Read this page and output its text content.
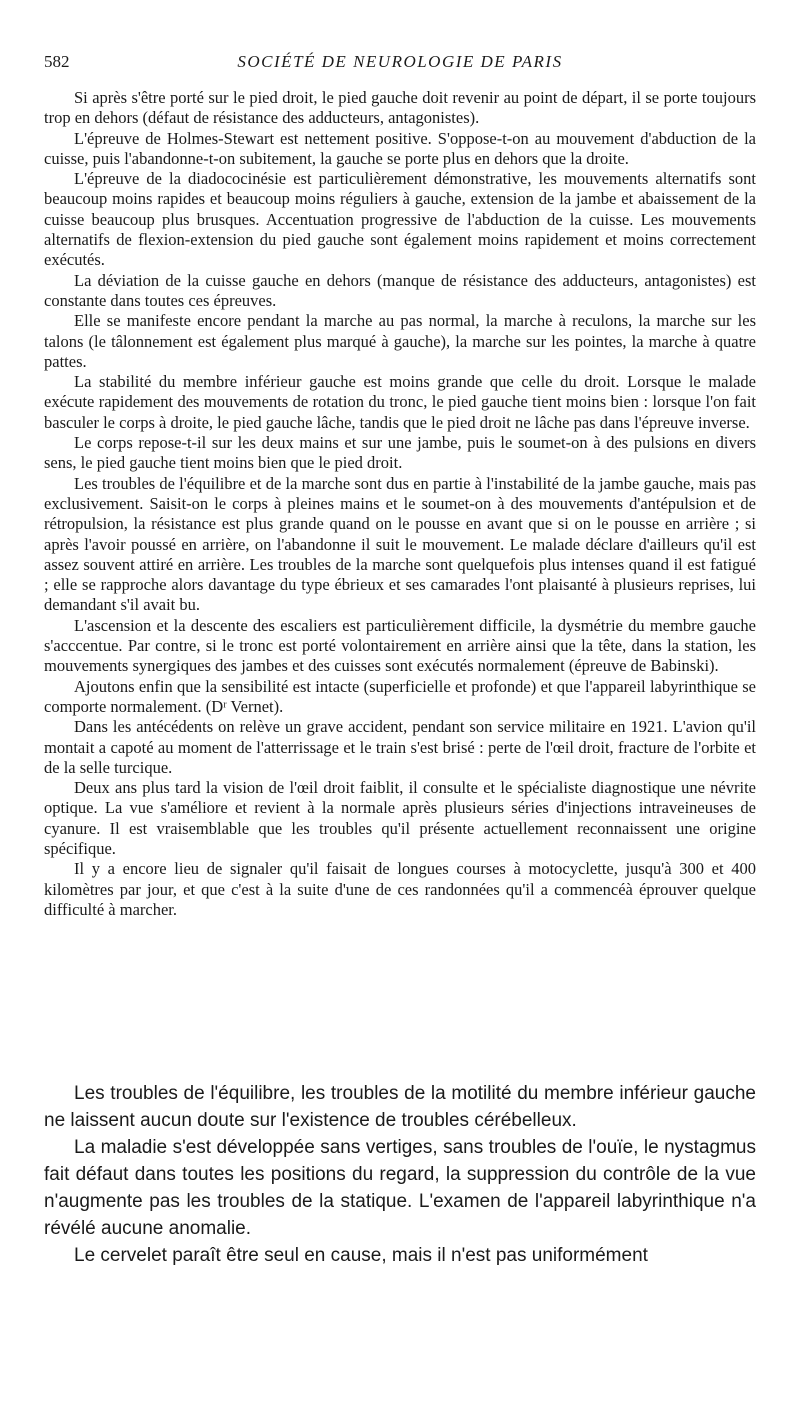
582	SOCIÉTÉ DE NEUROLOGIE DE PARIS

Si après s'être porté sur le pied droit, le pied gauche doit revenir au point de départ, il se porte toujours trop en dehors (défaut de résistance des adducteurs, antagonistes).

L'épreuve de Holmes-Stewart est nettement positive. S'oppose-t-on au mouvement d'abduction de la cuisse, puis l'abandonne-t-on subitement, la gauche se porte plus en dehors que la droite.

L'épreuve de la diadococinésie est particulièrement démonstrative, les mouvements alternatifs sont beaucoup moins rapides et beaucoup moins réguliers à gauche, extension de la jambe et abaissement de la cuisse beaucoup plus brusques. Accentuation progressive de l'abduction de la cuisse. Les mouvements alternatifs de flexion-extension du pied gauche sont également moins rapidement et moins correctement exécutés.

La déviation de la cuisse gauche en dehors (manque de résistance des adducteurs, antagonistes) est constante dans toutes ces épreuves.

Elle se manifeste encore pendant la marche au pas normal, la marche à reculons, la marche sur les talons (le tâlonnement est également plus marqué à gauche), la marche sur les pointes, la marche à quatre pattes.

La stabilité du membre inférieur gauche est moins grande que celle du droit. Lorsque le malade exécute rapidement des mouvements de rotation du tronc, le pied gauche tient moins bien : lorsque l'on fait basculer le corps à droite, le pied gauche lâche, tandis que le pied droit ne lâche pas dans l'épreuve inverse.

Le corps repose-t-il sur les deux mains et sur une jambe, puis le soumet-on à des pulsions en divers sens, le pied gauche tient moins bien que le pied droit.

Les troubles de l'équilibre et de la marche sont dus en partie à l'instabilité de la jambe gauche, mais pas exclusivement. Saisit-on le corps à pleines mains et le soumet-on à des mouvements d'antépulsion et de rétropulsion, la résistance est plus grande quand on le pousse en avant que si on le pousse en arrière ; si après l'avoir poussé en arrière, on l'abandonne il suit le mouvement. Le malade déclare d'ailleurs qu'il est assez souvent attiré en arrière. Les troubles de la marche sont quelquefois plus intenses quand il est fatigué ; elle se rapproche alors davantage du type ébrieux et ses camarades l'ont plaisanté à plusieurs reprises, lui demandant s'il avait bu.

L'ascension et la descente des escaliers est particulièrement difficile, la dysmétrie du membre gauche s'acccentue. Par contre, si le tronc est porté volontairement en arrière ainsi que la tête, dans la station, les mouvements synergiques des jambes et des cuisses sont exécutés normalement (épreuve de Babinski).

Ajoutons enfin que la sensibilité est intacte (superficielle et profonde) et que l'appareil labyrinthique se comporte normalement. (Dʳ Vernet).

Dans les antécédents on relève un grave accident, pendant son service militaire en 1921. L'avion qu'il montait a capoté au moment de l'atterrissage et le train s'est brisé : perte de l'œil droit, fracture de l'orbite et de la selle turcique.

Deux ans plus tard la vision de l'œil droit faiblit, il consulte et le spécialiste diagnostique une névrite optique. La vue s'améliore et revient à la normale après plusieurs séries d'injections intraveineuses de cyanure. Il est vraisemblable que les troubles qu'il présente actuellement reconnaissent une origine spécifique.

Il y a encore lieu de signaler qu'il faisait de longues courses à motocyclette, jusqu'à 300 et 400 kilomètres par jour, et que c'est à la suite d'une de ces randonnées qu'il a commencéà éprouver quelque difficulté à marcher.

Les troubles de l'équilibre, les troubles de la motilité du membre inférieur gauche ne laissent aucun doute sur l'existence de troubles cérébelleux.

La maladie s'est développée sans vertiges, sans troubles de l'ouïe, le nystagmus fait défaut dans toutes les positions du regard, la suppression du contrôle de la vue n'augmente pas les troubles de la statique. L'examen de l'appareil labyrinthique n'a révélé aucune anomalie.

Le cervelet paraît être seul en cause, mais il n'est pas uniformément
